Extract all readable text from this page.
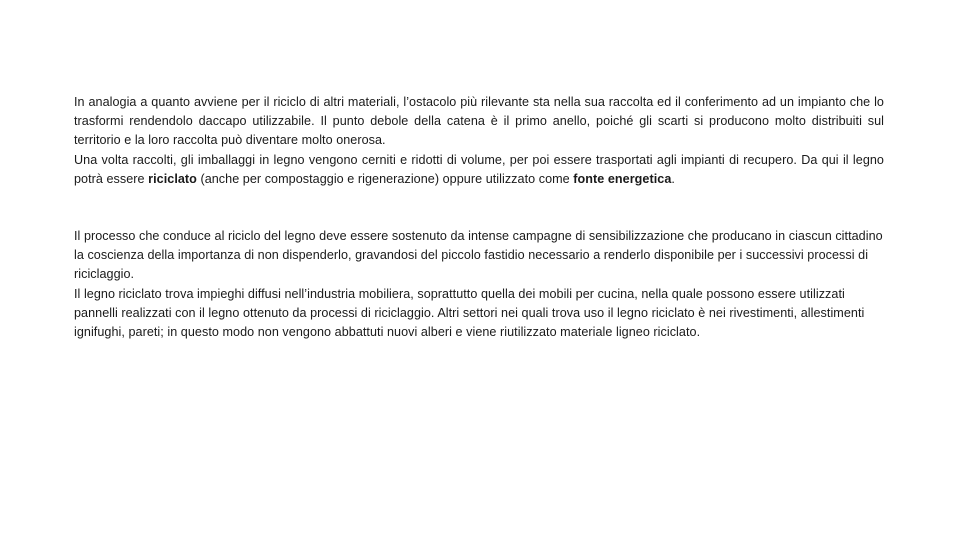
In analogia a quanto avviene per il riciclo di altri materiali, l’ostacolo più rilevante sta nella sua raccolta ed il conferimento ad un impianto che lo trasformi rendendolo daccapo utilizzabile. Il punto debole della catena è il primo anello, poiché gli scarti si producono molto distribuiti sul territorio e la loro raccolta può diventare molto onerosa.

Una volta raccolti, gli imballaggi in legno vengono cerniti e ridotti di volume, per poi essere trasportati agli impianti di recupero. Da qui il legno potrà essere riciclato (anche per compostaggio e rigenerazione) oppure utilizzato come fonte energetica.

Il processo che conduce al riciclo del legno deve essere sostenuto da intense campagne di sensibilizzazione che producano in ciascun cittadino la coscienza della importanza di non dispenderlo, gravandosi del piccolo fastidio necessario a renderlo disponibile per i successivi processi di riciclaggio.

Il legno riciclato trova impieghi diffusi nell’industria mobiliera, soprattutto quella dei mobili per cucina, nella quale possono essere utilizzati pannelli realizzati con il legno ottenuto da processi di riciclaggio. Altri settori nei quali trova uso il legno riciclato è nei rivestimenti, allestimenti ignifughi, pareti; in questo modo non vengono abbattuti nuovi alberi e viene riutilizzato materiale ligneo riciclato.
